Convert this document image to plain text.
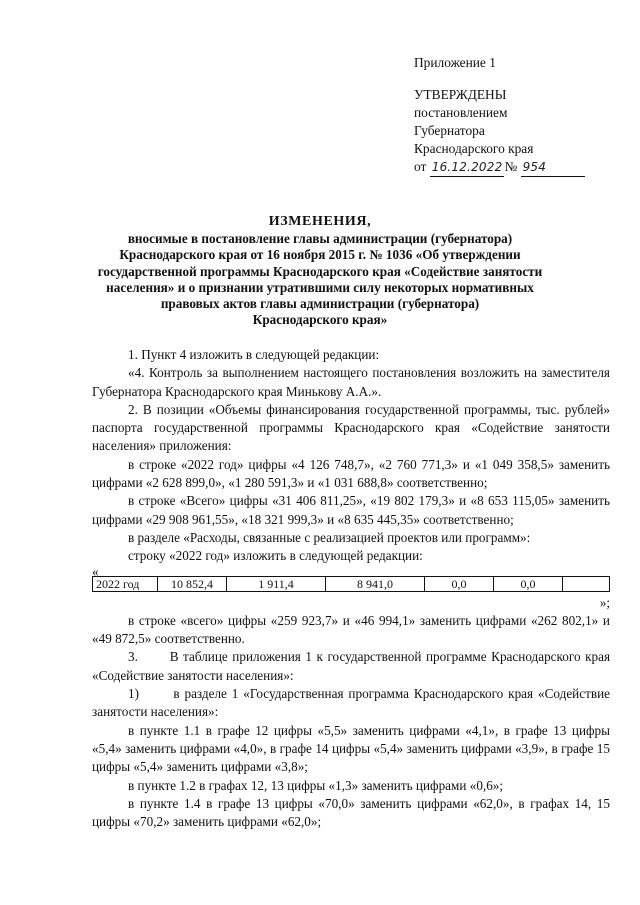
Приложение 1
УТВЕРЖДЕНЫ
постановлением
Губернатора
Краснодарского края
от 16.12.2022 № 954
ИЗМЕНЕНИЯ,
вносимые в постановление главы администрации (губернатора)
Краснодарского края от 16 ноября 2015 г. № 1036 «Об утверждении
государственной программы Краснодарского края «Содействие занятости
населения» и о признании утратившими силу некоторых нормативных
правовых актов главы администрации (губернатора)
Краснодарского края»

1. Пункт 4 изложить в следующей редакции:

«4. Контроль за выполнением настоящего постановления возложить на заместителя Губернатора Краснодарского края Минькову А.А.».

2. В позиции «Объемы финансирования государственной программы, тыс. рублей» паспорта государственной программы Краснодарского края «Содействие занятости населения» приложения:

в строке «2022 год» цифры «4 126 748,7», «2 760 771,3» и «1 049 358,5» заменить цифрами «2 628 899,0», «1 280 591,3» и «1 031 688,8» соответственно;

в строке «Всего» цифры «31 406 811,25», «19 802 179,3» и «8 653 115,05» заменить цифрами «29 908 961,55», «18 321 999,3» и «8 635 445,35» соответственно;

в разделе «Расходы, связанные с реализацией проектов или программ»:

строку «2022 год» изложить в следующей редакции:

«

2022 год	10 852,4	1 911,4	8 941,0	0,0	0,0	

»;

в строке «всего» цифры «259 923,7» и «46 994,1» заменить цифрами «262 802,1» и «49 872,5» соответственно.

3. В таблице приложения 1 к государственной программе Краснодарского края «Содействие занятости населения»:

1)	в разделе 1 «Государственная программа Краснодарского края «Содействие занятости населения»:

в пункте 1.1 в графе 12 цифры «5,5» заменить цифрами «4,1», в графе 13 цифры «5,4» заменить цифрами «4,0», в графе 14 цифры «5,4» заменить цифрами «3,9», в графе 15 цифры «5,4» заменить цифрами «3,8»;

в пункте 1.2 в графах 12, 13 цифры «1,3» заменить цифрами «0,6»;

в пункте 1.4 в графе 13 цифры «70,0» заменить цифрами «62,0», в графах 14, 15 цифры «70,2» заменить цифрами «62,0»;
